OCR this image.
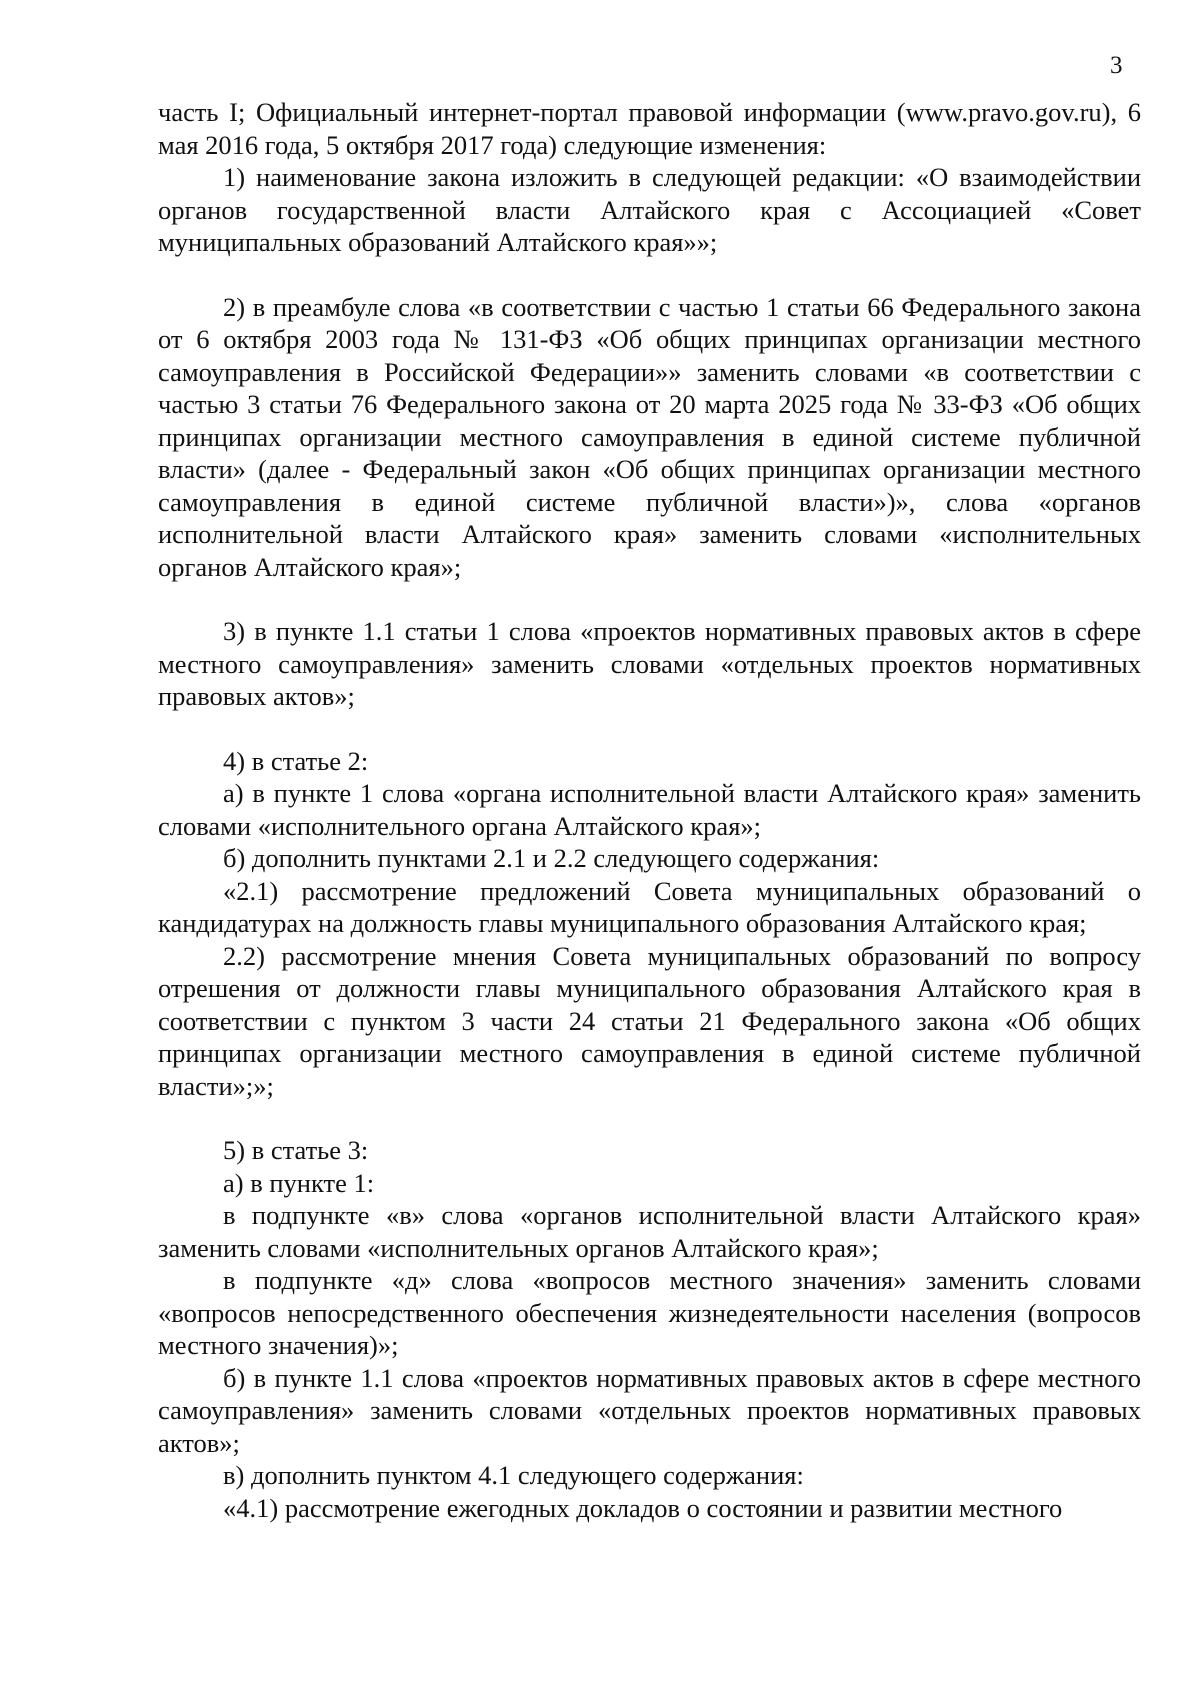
3

часть I; Официальный интернет-портал правовой информации (www.pravo.gov.ru), 6 мая 2016 года, 5 октября 2017 года) следующие изменения:

1) наименование закона изложить в следующей редакции: «О взаимодействии органов государственной власти Алтайского края с Ассоциацией «Совет муниципальных образований Алтайского края»»;

2) в преамбуле слова «в соответствии с частью 1 статьи 66 Федерального закона от 6 октября 2003 года № 131-ФЗ «Об общих принципах организации местного самоуправления в Российской Федерации»» заменить словами «в соответствии с частью 3 статьи 76 Федерального закона от 20 марта 2025 года № 33-ФЗ «Об общих принципах организации местного самоуправления в единой системе публичной власти» (далее - Федеральный закон «Об общих принципах организации местного самоуправления в единой системе публичной власти»)», слова «органов исполнительной власти Алтайского края» заменить словами «исполнительных органов Алтайского края»;

3) в пункте 1.1 статьи 1 слова «проектов нормативных правовых актов в сфере местного самоуправления» заменить словами «отдельных проектов нормативных правовых актов»;

4) в статье 2:

а) в пункте 1 слова «органа исполнительной власти Алтайского края» заменить словами «исполнительного органа Алтайского края»;

б) дополнить пунктами 2.1 и 2.2 следующего содержания:

«2.1) рассмотрение предложений Совета муниципальных образований о кандидатурах на должность главы муниципального образования Алтайского края;

2.2) рассмотрение мнения Совета муниципальных образований по вопросу отрешения от должности главы муниципального образования Алтайского края в соответствии с пунктом 3 части 24 статьи 21 Федерального закона «Об общих принципах организации местного самоуправления в единой системе публичной власти»;»;

5) в статье 3:

а) в пункте 1:

в подпункте «в» слова «органов исполнительной власти Алтайского края» заменить словами «исполнительных органов Алтайского края»;

в подпункте «д» слова «вопросов местного значения» заменить словами «вопросов непосредственного обеспечения жизнедеятельности населения (вопросов местного значения)»;

б) в пункте 1.1 слова «проектов нормативных правовых актов в сфере местного самоуправления» заменить словами «отдельных проектов нормативных правовых актов»;

в) дополнить пунктом 4.1 следующего содержания:

«4.1) рассмотрение ежегодных докладов о состоянии и развитии местного
